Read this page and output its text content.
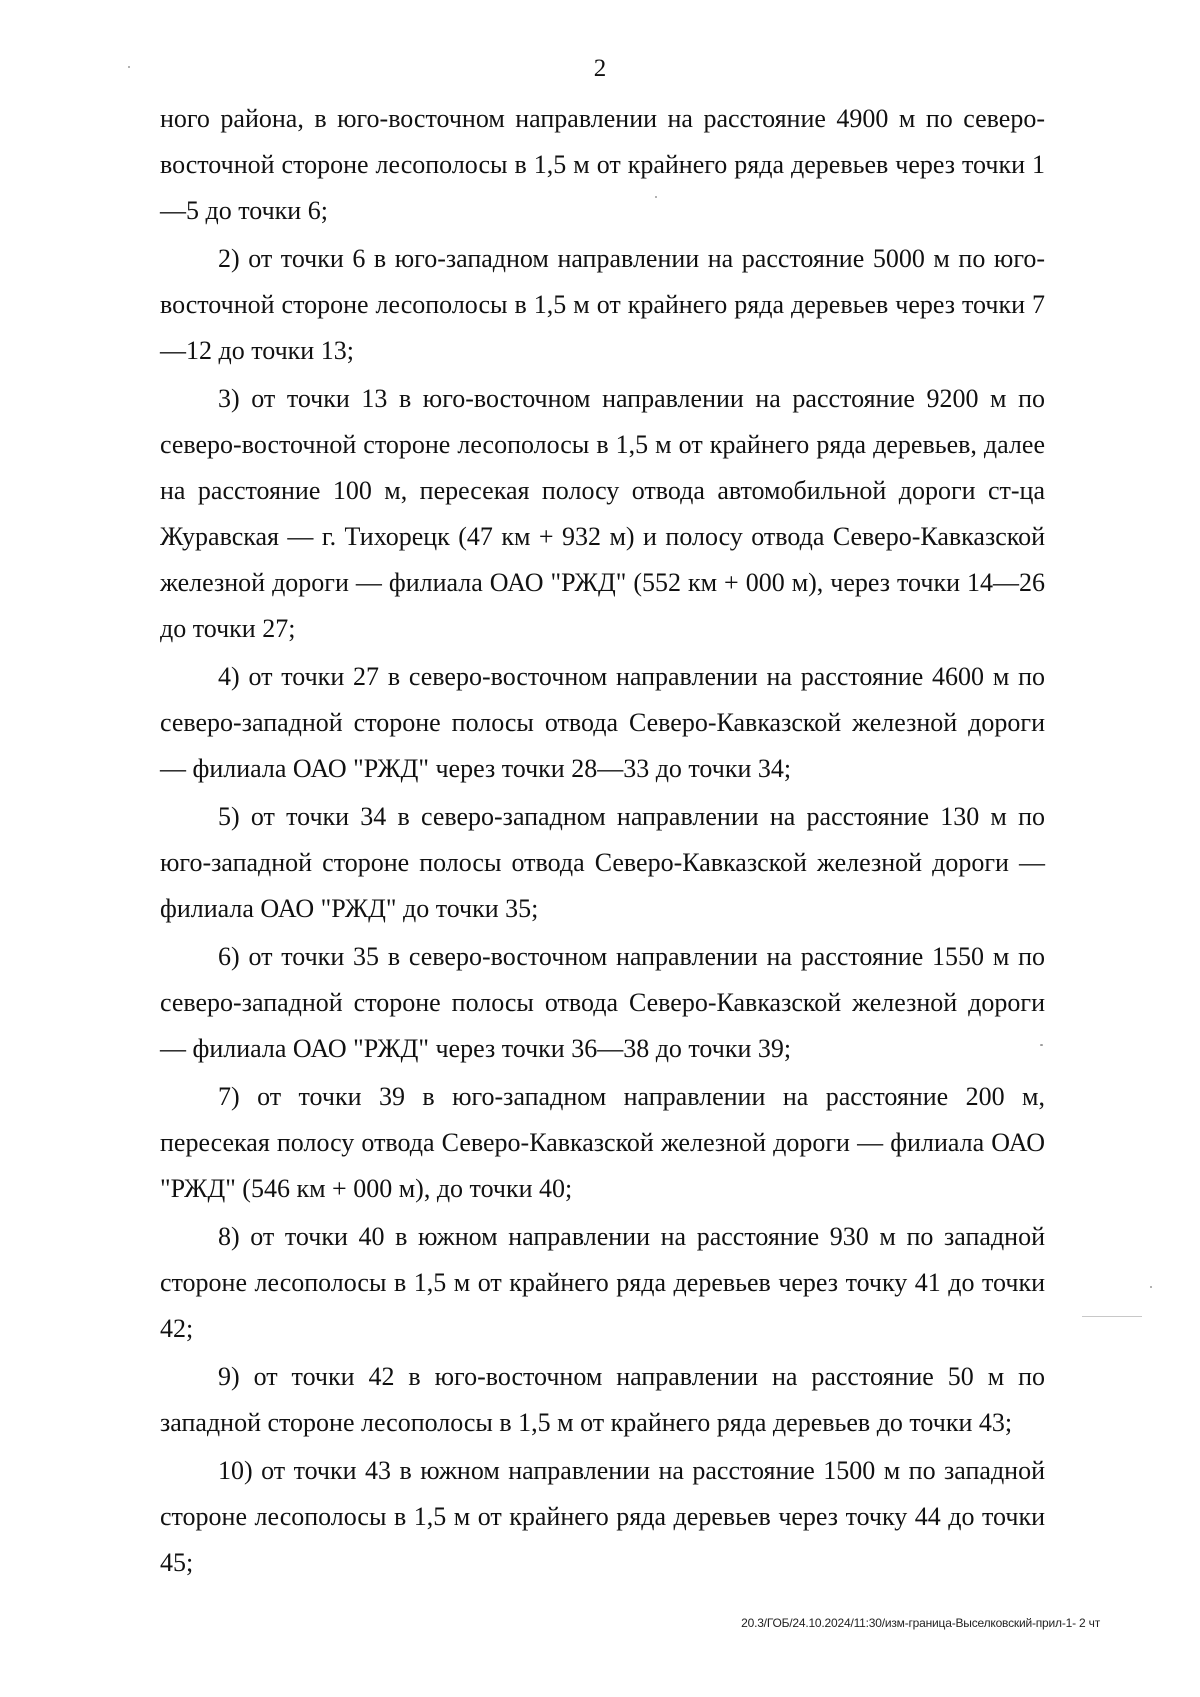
2

ного района, в юго-восточном направлении на расстояние 4900 м по северо-восточной стороне лесополосы в 1,5 м от крайнего ряда деревьев через точки 1—5 до точки 6;

2) от точки 6 в юго-западном направлении на расстояние 5000 м по юго-восточной стороне лесополосы в 1,5 м от крайнего ряда деревьев через точки 7—12 до точки 13;

3) от точки 13 в юго-восточном направлении на расстояние 9200 м по северо-восточной стороне лесополосы в 1,5 м от крайнего ряда деревьев, далее на расстояние 100 м, пересекая полосу отвода автомобильной дороги ст-ца Журавская — г. Тихорецк (47 км + 932 м) и полосу отвода Северо-Кавказской железной дороги — филиала ОАО "РЖД" (552 км + 000 м), через точки 14—26 до точки 27;

4) от точки 27 в северо-восточном направлении на расстояние 4600 м по северо-западной стороне полосы отвода Северо-Кавказской железной дороги — филиала ОАО "РЖД" через точки 28—33 до точки 34;

5) от точки 34 в северо-западном направлении на расстояние 130 м по юго-западной стороне полосы отвода Северо-Кавказской железной дороги — филиала ОАО "РЖД" до точки 35;

6) от точки 35 в северо-восточном направлении на расстояние 1550 м по северо-западной стороне полосы отвода Северо-Кавказской железной дороги — филиала ОАО "РЖД" через точки 36—38 до точки 39;

7) от точки 39 в юго-западном направлении на расстояние 200 м, пересекая полосу отвода Северо-Кавказской железной дороги — филиала ОАО "РЖД" (546 км + 000 м), до точки 40;

8) от точки 40 в южном направлении на расстояние 930 м по западной стороне лесополосы в 1,5 м от крайнего ряда деревьев через точку 41 до точки 42;

9) от точки 42 в юго-восточном направлении на расстояние 50 м по западной стороне лесополосы в 1,5 м от крайнего ряда деревьев до точки 43;

10) от точки 43 в южном направлении на расстояние 1500 м по западной стороне лесополосы в 1,5 м от крайнего ряда деревьев через точку 44 до точки 45;

20.3/ГОБ/24.10.2024/11:30/изм-граница-Выселковский-прил-1- 2 чт
